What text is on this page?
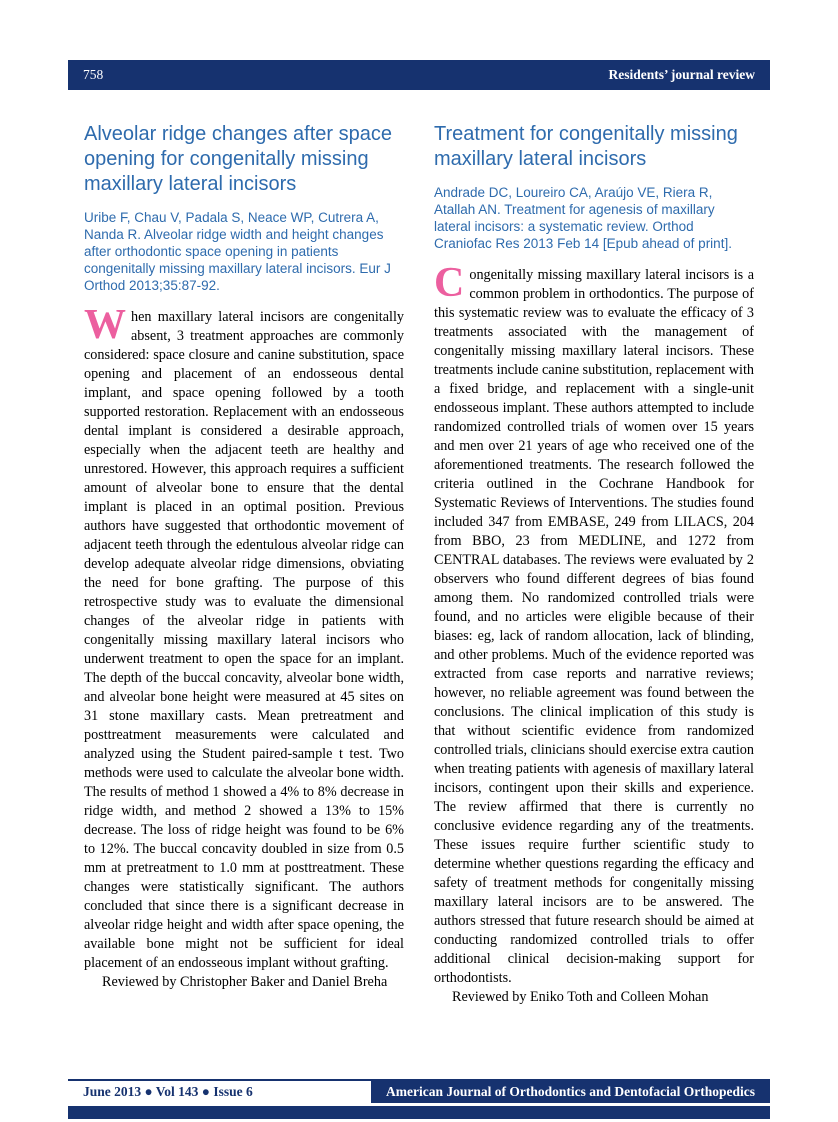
758	Residents’ journal review
Alveolar ridge changes after space opening for congenitally missing maxillary lateral incisors

Uribe F, Chau V, Padala S, Neace WP, Cutrera A, Nanda R. Alveolar ridge width and height changes after orthodontic space opening in patients congenitally missing maxillary lateral incisors. Eur J Orthod 2013;35:87-92.

When maxillary lateral incisors are congenitally absent, 3 treatment approaches are commonly considered: space closure and canine substitution, space opening and placement of an endosseous dental implant, and space opening followed by a tooth supported restoration. Replacement with an endosseous dental implant is considered a desirable approach, especially when the adjacent teeth are healthy and unrestored. However, this approach requires a sufficient amount of alveolar bone to ensure that the dental implant is placed in an optimal position. Previous authors have suggested that orthodontic movement of adjacent teeth through the edentulous alveolar ridge can develop adequate alveolar ridge dimensions, obviating the need for bone grafting. The purpose of this retrospective study was to evaluate the dimensional changes of the alveolar ridge in patients with congenitally missing maxillary lateral incisors who underwent treatment to open the space for an implant. The depth of the buccal concavity, alveolar bone width, and alveolar bone height were measured at 45 sites on 31 stone maxillary casts. Mean pretreatment and posttreatment measurements were calculated and analyzed using the Student paired-sample t test. Two methods were used to calculate the alveolar bone width. The results of method 1 showed a 4% to 8% decrease in ridge width, and method 2 showed a 13% to 15% decrease. The loss of ridge height was found to be 6% to 12%. The buccal concavity doubled in size from 0.5 mm at pretreatment to 1.0 mm at posttreatment. These changes were statistically significant. The authors concluded that since there is a significant decrease in alveolar ridge height and width after space opening, the available bone might not be sufficient for ideal placement of an endosseous implant without grafting.

Reviewed by Christopher Baker and Daniel Breha

Treatment for congenitally missing maxillary lateral incisors

Andrade DC, Loureiro CA, Araújo VE, Riera R, Atallah AN. Treatment for agenesis of maxillary lateral incisors: a systematic review. Orthod Craniofac Res 2013 Feb 14 [Epub ahead of print].

Congenitally missing maxillary lateral incisors is a common problem in orthodontics. The purpose of this systematic review was to evaluate the efficacy of 3 treatments associated with the management of congenitally missing maxillary lateral incisors. These treatments include canine substitution, replacement with a fixed bridge, and replacement with a single-unit endosseous implant. These authors attempted to include randomized controlled trials of women over 15 years and men over 21 years of age who received one of the aforementioned treatments. The research followed the criteria outlined in the Cochrane Handbook for Systematic Reviews of Interventions. The studies found included 347 from EMBASE, 249 from LILACS, 204 from BBO, 23 from MEDLINE, and 1272 from CENTRAL databases. The reviews were evaluated by 2 observers who found different degrees of bias found among them. No randomized controlled trials were found, and no articles were eligible because of their biases: eg, lack of random allocation, lack of blinding, and other problems. Much of the evidence reported was extracted from case reports and narrative reviews; however, no reliable agreement was found between the conclusions. The clinical implication of this study is that without scientific evidence from randomized controlled trials, clinicians should exercise extra caution when treating patients with agenesis of maxillary lateral incisors, contingent upon their skills and experience. The review affirmed that there is currently no conclusive evidence regarding any of the treatments. These issues require further scientific study to determine whether questions regarding the efficacy and safety of treatment methods for congenitally missing maxillary lateral incisors are to be answered. The authors stressed that future research should be aimed at conducting randomized controlled trials to offer additional clinical decision-making support for orthodontists.

Reviewed by Eniko Toth and Colleen Mohan

June 2013 ● Vol 143 ● Issue 6	American Journal of Orthodontics and Dentofacial Orthopedics
